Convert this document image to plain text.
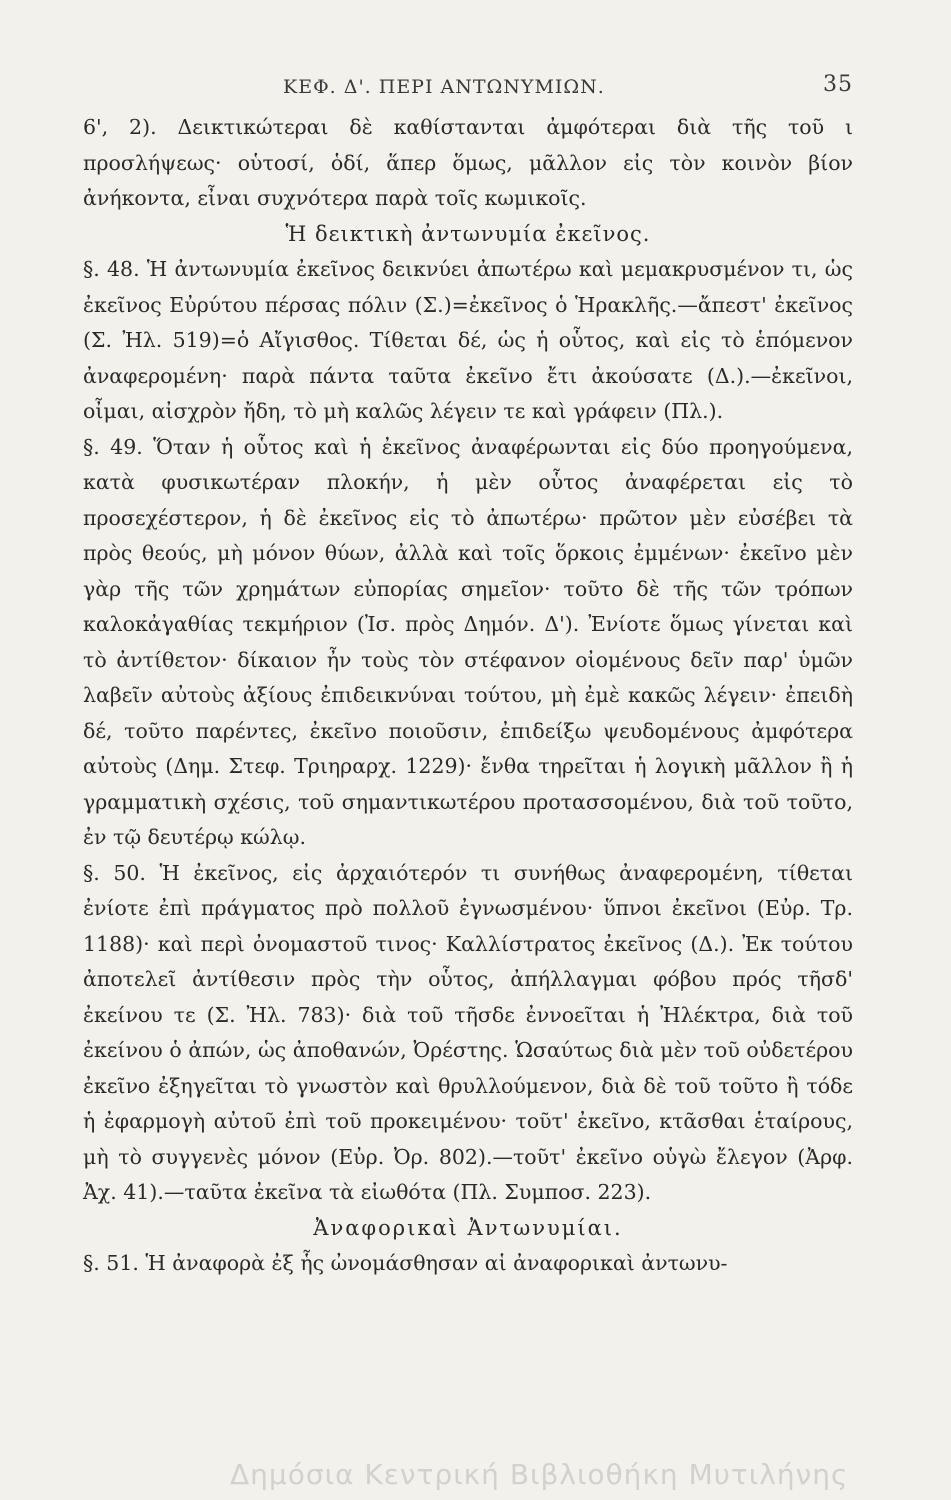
ΚΕΦ. Δ'. ΠΕΡΙ ΑΝΤΩΝΥΜΙΩΝ.	35

6', 2). Δεικτικώτεραι δὲ καθίστανται ἀμφότεραι διὰ τῆς τοῦ ι προσλήψεως· οὑτοσί, ὁδί, ἅπερ ὅμως, μᾶλλον εἰς τὸν κοινὸν βίον ἀνήκοντα, εἶναι συχνότερα παρὰ τοῖς κωμικοῖς.

Ἡ δεικτικὴ ἀντωνυμία ἐκεῖνος.

§. 48. Ἡ ἀντωνυμία ἐκεῖνος δεικνύει ἀπωτέρω καὶ μεμακρυσμένον τι, ὡς ἐκεῖνος Εὐρύτου πέρσας πόλιν (Σ.)=ἐκεῖνος ὁ Ἡρακλῆς.—ἄπεστ' ἐκεῖνος (Σ. Ἠλ. 519)=ὁ Αἴγισθος. Τίθεται δέ, ὡς ἡ οὗτος, καὶ εἰς τὸ ἑπόμενον ἀναφερομένη· παρὰ πάντα ταῦτα ἐκεῖνο ἔτι ἀκούσατε (Δ.).—ἐκεῖνοι, οἶμαι, αἰσχρὸν ἤδη, τὸ μὴ καλῶς λέγειν τε καὶ γράφειν (Πλ.).

§. 49. Ὅταν ἡ οὗτος καὶ ἡ ἐκεῖνος ἀναφέρωνται εἰς δύο προηγούμενα, κατὰ φυσικωτέραν πλοκήν, ἡ μὲν οὗτος ἀναφέρεται εἰς τὸ προσεχέστερον, ἡ δὲ ἐκεῖνος εἰς τὸ ἀπωτέρω· πρῶτον μὲν εὐσέβει τὰ πρὸς θεούς, μὴ μόνον θύων, ἀλλὰ καὶ τοῖς ὅρκοις ἐμμένων· ἐκεῖνο μὲν γὰρ τῆς τῶν χρημάτων εὐπορίας σημεῖον· τοῦτο δὲ τῆς τῶν τρόπων καλοκἀγαθίας τεκμήριον (Ἰσ. πρὸς Δημόν. Δ'). Ἐνίοτε ὅμως γίνεται καὶ τὸ ἀντίθετον· δίκαιον ἦν τοὺς τὸν στέφανον οἰομένους δεῖν παρ' ὑμῶν λαβεῖν αὐτοὺς ἀξίους ἐπιδεικνύναι τούτου, μὴ ἐμὲ κακῶς λέγειν· ἐπειδὴ δέ, τοῦτο παρέντες, ἐκεῖνο ποιοῦσιν, ἐπιδείξω ψευδομένους ἀμφότερα αὐτοὺς (Δημ. Στεφ. Τριηραρχ. 1229)· ἔνθα τηρεῖται ἡ λογικὴ μᾶλλον ἢ ἡ γραμματικὴ σχέσις, τοῦ σημαντικωτέρου προτασσομένου, διὰ τοῦ τοῦτο, ἐν τῷ δευτέρῳ κώλῳ.

§. 50. Ἡ ἐκεῖνος, εἰς ἀρχαιότερόν τι συνήθως ἀναφερομένη, τίθεται ἐνίοτε ἐπὶ πράγματος πρὸ πολλοῦ ἐγνωσμένου· ὕπνοι ἐκεῖνοι (Εὐρ. Τρ. 1188)· καὶ περὶ ὀνομαστοῦ τινος· Καλλίστρατος ἐκεῖνος (Δ.). Ἐκ τούτου ἀποτελεῖ ἀντίθεσιν πρὸς τὴν οὗτος, ἀπήλλαγμαι φόβου πρός τῆσδ' ἐκείνου τε (Σ. Ἠλ. 783)· διὰ τοῦ τῆσδε ἐννοεῖται ἡ Ἠλέκτρα, διὰ τοῦ ἐκείνου ὁ ἀπών, ὡς ἀποθανών, Ὀρέστης. Ὡσαύτως διὰ μὲν τοῦ οὐδετέρου ἐκεῖνο ἐξηγεῖται τὸ γνωστὸν καὶ θρυλλούμενον, διὰ δὲ τοῦ τοῦτο ἢ τόδε ἡ ἐφαρμογὴ αὐτοῦ ἐπὶ τοῦ προκειμένου· τοῦτ' ἐκεῖνο, κτᾶσθαι ἑταίρους, μὴ τὸ συγγενὲς μόνον (Εὐρ. Ὀρ. 802).—τοῦτ' ἐκεῖνο οὑγὼ ἔλεγον (Ἀρφ. Ἀχ. 41).—ταῦτα ἐκεῖνα τὰ εἰωθότα (Πλ. Συμποσ. 223).

Ἀναφορικαὶ Ἀντωνυμίαι.

§. 51. Ἡ ἀναφορὰ ἐξ ἧς ὠνομάσθησαν αἱ ἀναφορικαὶ ἀντωνυ-

Δημόσια Κεντρική Βιβλιοθήκη Μυτιλήνης
